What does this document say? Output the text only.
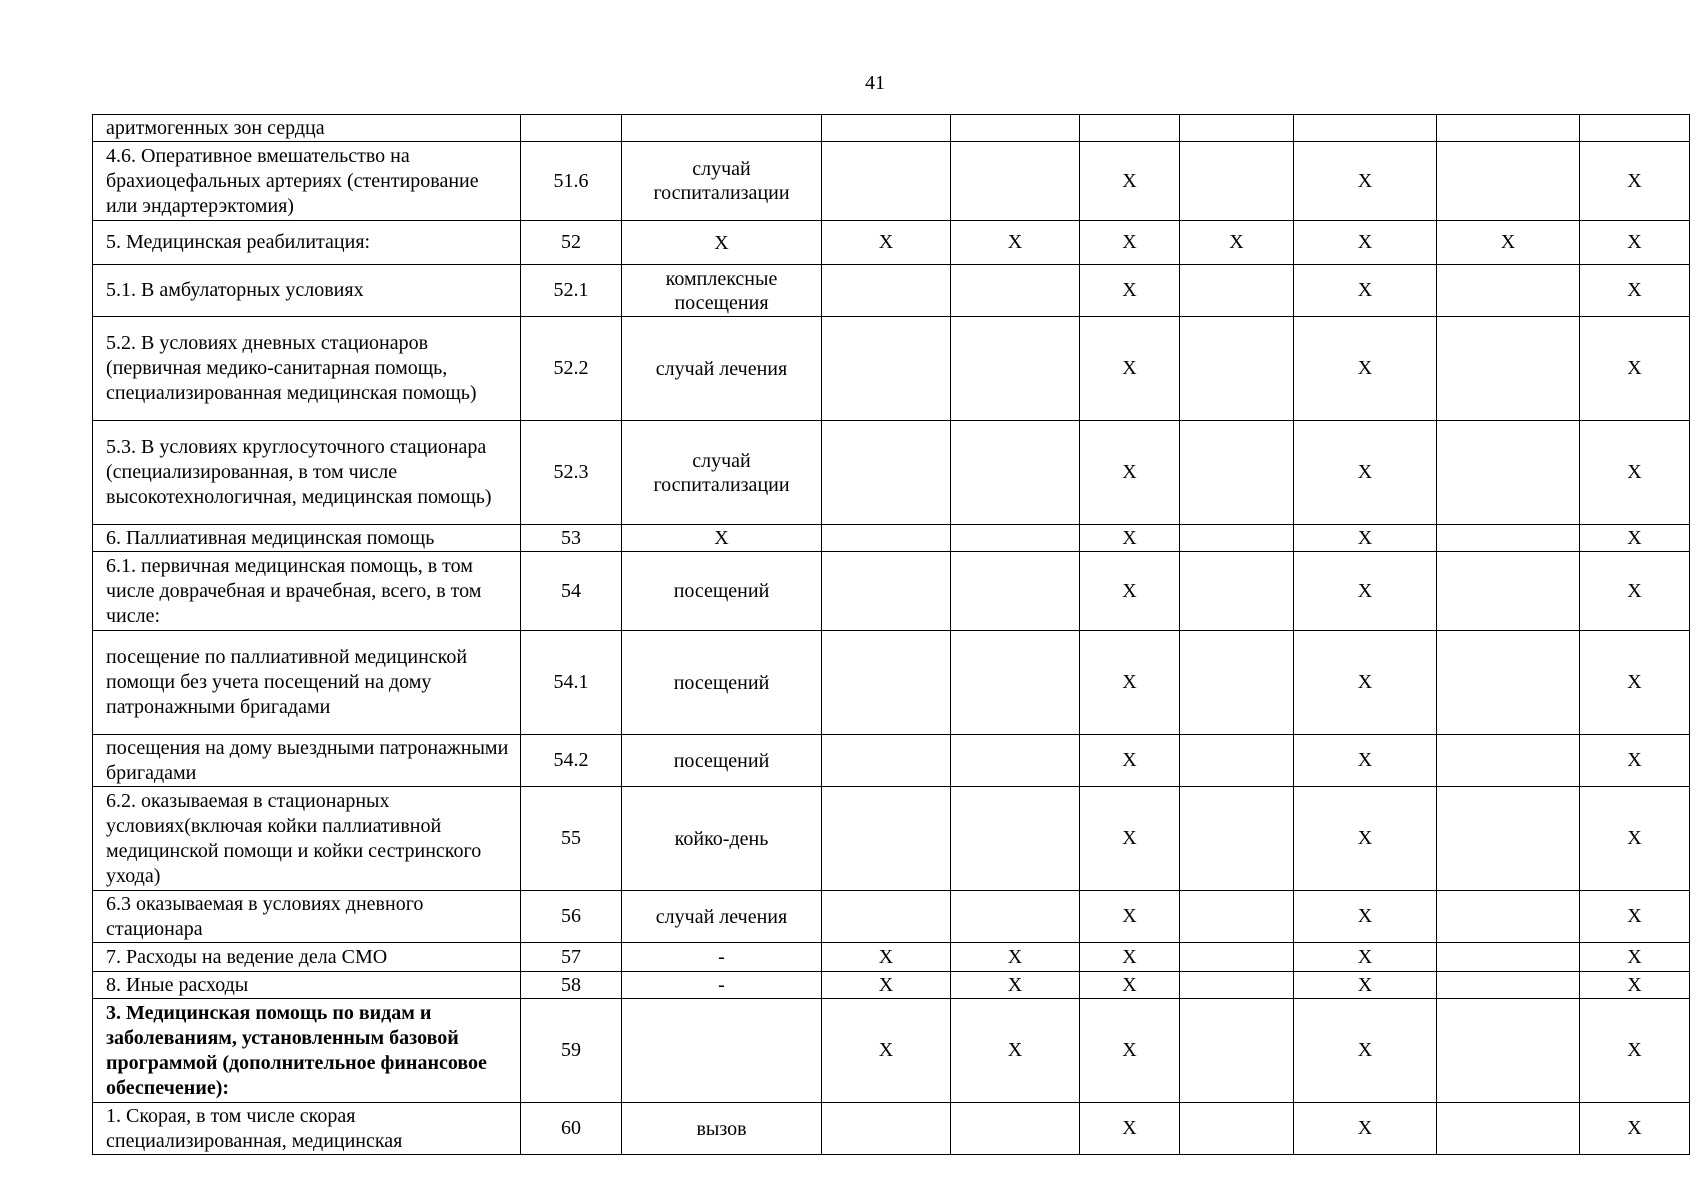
41
аритмогенных зон сердца									
4.6. Оперативное вмешательство на брахиоцефальных артериях (стентирование или эндартерэктомия)	51.6	случай госпитализации			X		X		X
5. Медицинская реабилитация:	52	X	X	X	X	X	X	X	X
5.1. В амбулаторных условиях	52.1	комплексные посещения			X		X		X
5.2. В условиях дневных стационаров (первичная медико-санитарная помощь, специализированная медицинская помощь)	52.2	случай лечения			X		X		X
5.3. В условиях круглосуточного стационара (специализированная, в том числе высокотехнологичная, медицинская помощь)	52.3	случай госпитализации			X		X		X
6. Паллиативная медицинская помощь	53	X			X		X		X
6.1. первичная медицинская помощь, в том числе доврачебная и врачебная, всего, в том числе:	54	посещений			X		X		X
посещение по паллиативной медицинской помощи без учета посещений на дому патронажными бригадами	54.1	посещений			X		X		X
посещения на дому выездными патронажными бригадами	54.2	посещений			X		X		X
6.2. оказываемая в стационарных условиях(включая койки паллиативной медицинской помощи и койки сестринского ухода)	55	койко-день			X		X		X
6.3 оказываемая в условиях дневного стационара	56	случай лечения			X		X		X
7. Расходы на ведение дела СМО	57	-	X	X	X		X		X
8. Иные расходы	58	-	X	X	X		X		X
3. Медицинская помощь по видам и заболеваниям, установленным базовой программой (дополнительное финансовое обеспечение):	59		X	X	X		X		X
1. Скорая, в том числе скорая специализированная, медицинская	60	вызов			X		X		X
